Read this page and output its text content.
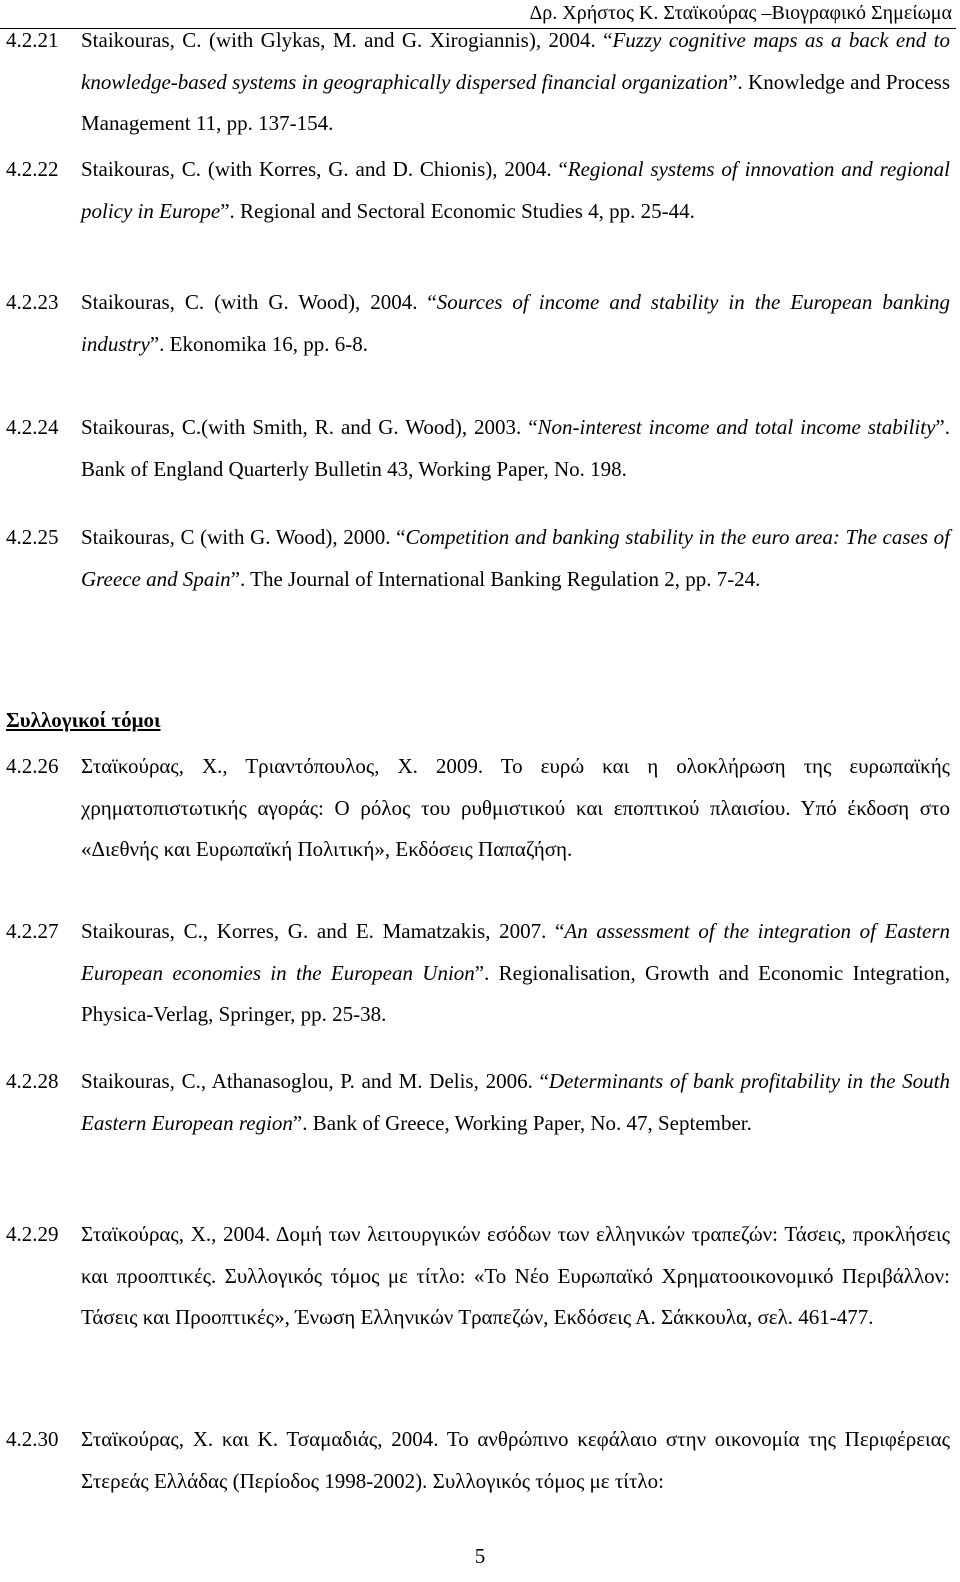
Δρ. Χρήστος Κ. Σταϊκούρας –Βιογραφικό Σημείωμα
4.2.21	Staikouras, C. (with Glykas, M. and G. Xirogiannis), 2004. “Fuzzy cognitive maps as a back end to knowledge-based systems in geographically dispersed financial organization”. Knowledge and Process Management 11, pp. 137-154.
4.2.22	Staikouras, C. (with Korres, G. and D. Chionis), 2004. “Regional systems of innovation and regional policy in Europe”. Regional and Sectoral Economic Studies 4, pp. 25-44.
4.2.23	Staikouras, C. (with G. Wood), 2004. “Sources of income and stability in the European banking industry”. Ekonomika 16, pp. 6-8.
4.2.24	Staikouras, C.(with Smith, R. and G. Wood), 2003. “Non-interest income and total income stability”. Bank of England Quarterly Bulletin 43, Working Paper, No. 198.
4.2.25	Staikouras, C (with G. Wood), 2000. “Competition and banking stability in the euro area: The cases of Greece and Spain”. The Journal of International Banking Regulation 2, pp. 7-24.
Συλλογικοί τόμοι
4.2.26	Σταϊκούρας, Χ., Τριαντόπουλος, Χ. 2009. Το ευρώ και η ολοκλήρωση της ευρωπαϊκής χρηματοπιστωτικής αγοράς: Ο ρόλος του ρυθμιστικού και εποπτικού πλαισίου. Υπό έκδοση στο «Διεθνής και Ευρωπαϊκή Πολιτική», Εκδόσεις Παπαζήση.
4.2.27	Staikouras, C., Korres, G. and E. Mamatzakis, 2007. “An assessment of the integration of Eastern European economies in the European Union”. Regionalisation, Growth and Economic Integration, Physica-Verlag, Springer, pp. 25-38.
4.2.28	Staikouras, C., Athanasoglou, P. and M. Delis, 2006. “Determinants of bank profitability in the South Eastern European region”. Bank of Greece, Working Paper, No. 47, September.
4.2.29	Σταϊκούρας, Χ., 2004. Δομή των λειτουργικών εσόδων των ελληνικών τραπεζών: Τάσεις, προκλήσεις και προοπτικές. Συλλογικός τόμος με τίτλο: «Το Νέο Ευρωπαϊκό Χρηματοοικονομικό Περιβάλλον: Τάσεις και Προοπτικές», Ένωση Ελληνικών Τραπεζών, Εκδόσεις Α. Σάκκουλα, σελ. 461-477.
4.2.30	Σταϊκούρας, Χ. και Κ. Τσαμαδιάς, 2004. Το ανθρώπινο κεφάλαιο στην οικονομία της Περιφέρειας Στερεάς Ελλάδας (Περίοδος 1998-2002). Συλλογικός τόμος με τίτλο:
5
